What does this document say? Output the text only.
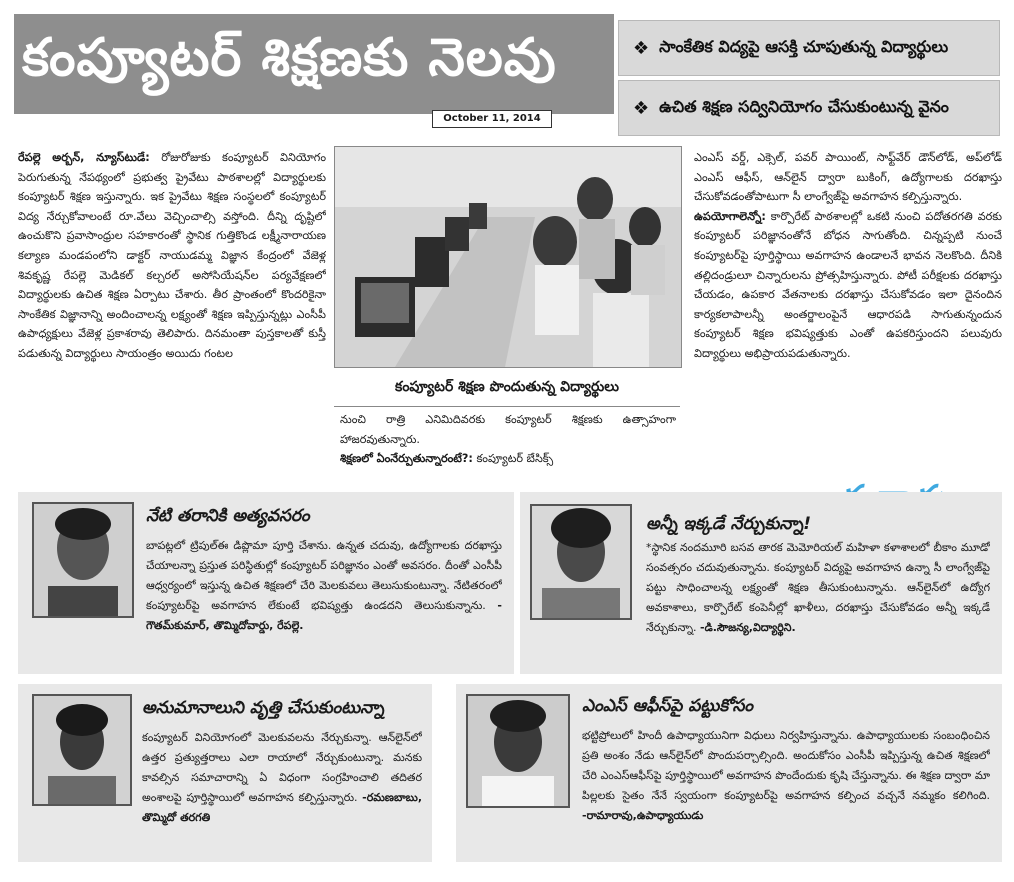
కంప్యూటర్ శిక్షణకు నెలవు
October 11, 2014
❖ సాంకేతిక విద్యపై ఆసక్తి చూపుతున్న విద్యార్థులు
❖ ఉచిత శిక్షణ సద్వినియోగం చేసుకుంటున్న వైనం

రేపల్లె అర్బన్‌, న్యూస్‌టుడే: రోజురోజుకు కంప్యూటర్‌ వినియోగం పెరుగుతున్న నేపథ్యంలో ప్రభుత్వ ప్రైవేటు పాఠశాలల్లో విద్యార్థులకు కంప్యూటర్‌ శిక్షణ ఇస్తున్నారు. ఇక ప్రైవేటు శిక్షణ సంస్థలలో కంప్యూటర్‌ విద్య నేర్చుకోవాలంటే రూ.వేలు వెచ్చించాల్సి వస్తోంది. దీన్ని దృష్టిలో ఉంచుకొని ప్రవాసాంధ్రుల సహకారంతో స్థానిక గుత్తికొండ లక్ష్మీనారాయణ కల్యాణ మండపంలోని డాక్టర్‌ నాయుడమ్మ విజ్ఞాన కేంద్రంలో వేజెళ్ల శివకృష్ణ రేపల్లె మెడికల్‌ కల్చరల్‌ అసోసియేషన్‌ల పర్యవేక్షణలో విద్యార్థులకు ఉచిత శిక్షణ ఏర్పాటు చేశారు. తీర ప్రాంతంలో కొందరికైనా సాంకేతిక విజ్ఞానాన్ని అందించాలన్న లక్ష్యంతో శిక్షణ ఇప్పిస్తున్నట్లు ఎంసీపీ ఉపాధ్యక్షులు వేజెళ్ల ప్రకాశరావు తెలిపారు. దినమంతా పుస్తకాలతో కుస్తీ పడుతున్న విద్యార్థులు సాయంత్రం అయిదు గంటల

కంప్యూటర్‌ శిక్షణ పొందుతున్న విద్యార్థులు

నుంచి రాత్రి ఎనిమిదివరకు కంప్యూటర్‌ శిక్షణకు ఉత్సాహంగా హాజరవుతున్నారు.

శిక్షణలో ఏంనేర్పుతున్నారంటే?: కంప్యూటర్‌ బేసిక్స్‌

ఎంఎస్‌ వర్డ్‌, ఎక్సెల్‌, పవర్‌ పాయింట్‌, సాఫ్ట్‌వేర్‌ డౌన్‌లోడ్‌, అప్‌లోడ్‌ ఎంఎస్‌ ఆఫీస్‌, ఆన్‌లైన్‌ ద్వారా బుకింగ్‌, ఉద్యోగాలకు దరఖాస్తు చేసుకోవడంతోపాటుగా సీ లాంగ్వేజ్‌పై అవగాహన కల్పిస్తున్నారు.

ఉపయోగాలెన్నో: కార్పొరేట్‌ పాఠశాలల్లో ఒకటి నుంచి పదోతరగతి వరకు కంప్యూటర్‌ పరిజ్ఞానంతోనే బోధన సాగుతోంది. చిన్నప్పటి నుంచే కంప్యూటర్‌పై పూర్తిస్థాయి అవగాహన ఉండాలనే భావన నెలకొంది. దీనికి తల్లిదండ్రులూ చిన్నారులను ప్రోత్సహిస్తున్నారు. పోటీ పరీక్షలకు దరఖాస్తు చేయడం, ఉపకార వేతనాలకు దరఖాస్తు చేసుకోవడం ఇలా దైనందిన కార్యకలాపాలన్నీ అంతర్జాలంపైనే ఆధారపడి సాగుతున్నందున కంప్యూటర్‌ శిక్షణ భవిష్యత్తుకు ఎంతో ఉపకరిస్తుందని పలువురు విద్యార్థులు అభిప్రాయపడుతున్నారు.

నేటి తరానికి అత్యవసరం
బాపట్లలో ట్రిపుల్‌ఈ డిప్లొమా పూర్తి చేశాను. ఉన్నత చదువు, ఉద్యోగాలకు దరఖాస్తు చేయాలన్నా ప్రస్తుత పరిస్థితుల్లో కంప్యూటర్‌ పరిజ్ఞానం ఎంతో అవసరం. దీంతో ఎంసీపీ ఆధ్వర్యంలో ఇస్తున్న ఉచిత శిక్షణలో చేరి మెలకువలు తెలుసుకుంటున్నా. నేటితరంలో కంప్యూటర్‌పై అవగాహన లేకుంటే భవిష్యత్తు ఉండదని తెలుసుకున్నాను. - గౌతమ్‌కుమార్‌, తొమ్మిదోవార్డు, రేపల్లె.
అన్నీ ఇక్కడే నేర్చుకున్నా!
*స్థానిక నందమూరి బసవ తారక మెమోరియల్‌ మహిళా కళాశాలలో బీకాం మూడో సంవత్సరం చదువుతున్నాను. కంప్యూటర్‌ విద్యపై అవగాహన ఉన్నా సీ లాంగ్వేజ్‌పై పట్టు సాధించాలన్న లక్ష్యంతో శిక్షణ తీసుకుంటున్నాను. ఆన్‌లైన్‌లో ఉద్యోగ అవకాశాలు, కార్పొరేట్‌ కంపెనీల్లో ఖాళీలు, దరఖాస్తు చేసుకోవడం అన్నీ ఇక్కడే నేర్చుకున్నా. -డి.సౌజన్య,విద్యార్థిని.
అనుమానాలుని వృత్తి చేసుకుంటున్నా
కంప్యూటర్‌ వినియోగంలో మెలకువలను నేర్చుకున్నా. ఆన్‌లైన్‌లో ఉత్తర ప్రత్యుత్తరాలు ఎలా రాయాలో నేర్చుకుంటున్నా. మనకు కావల్సిన సమాచారాన్ని ఏ విధంగా సంగ్రహించాలి తదితర అంశాలపై పూర్తిస్థాయిలో అవగాహన కల్పిస్తున్నారు. -రమణబాబు, తొమ్మిదో తరగతి
ఎంఎస్‌ ఆఫీస్‌పై పట్టుకోసం
భట్టిప్రోలులో హిందీ ఉపాధ్యాయునిగా విధులు నిర్వహిస్తున్నాను. ఉపాధ్యాయులకు సంబంధించిన ప్రతి అంశం నేడు ఆన్‌లైన్‌లో పొందుపర్చాల్సింది. అందుకోసం ఎంసీపీ ఇప్పిస్తున్న ఉచిత శిక్షణలో చేరి ఎంఎస్‌ఆఫీస్‌పై పూర్తిస్థాయిలో అవగాహన పొందేందుకు కృషి చేస్తున్నాను. ఈ శిక్షణ ద్వారా మా పిల్లలకు సైతం నేనే స్వయంగా కంప్యూటర్‌పై అవగాహన కల్పించ వచ్చనే నమ్మకం కలిగింది. -రామారావు,ఉపాధ్యాయుడు
